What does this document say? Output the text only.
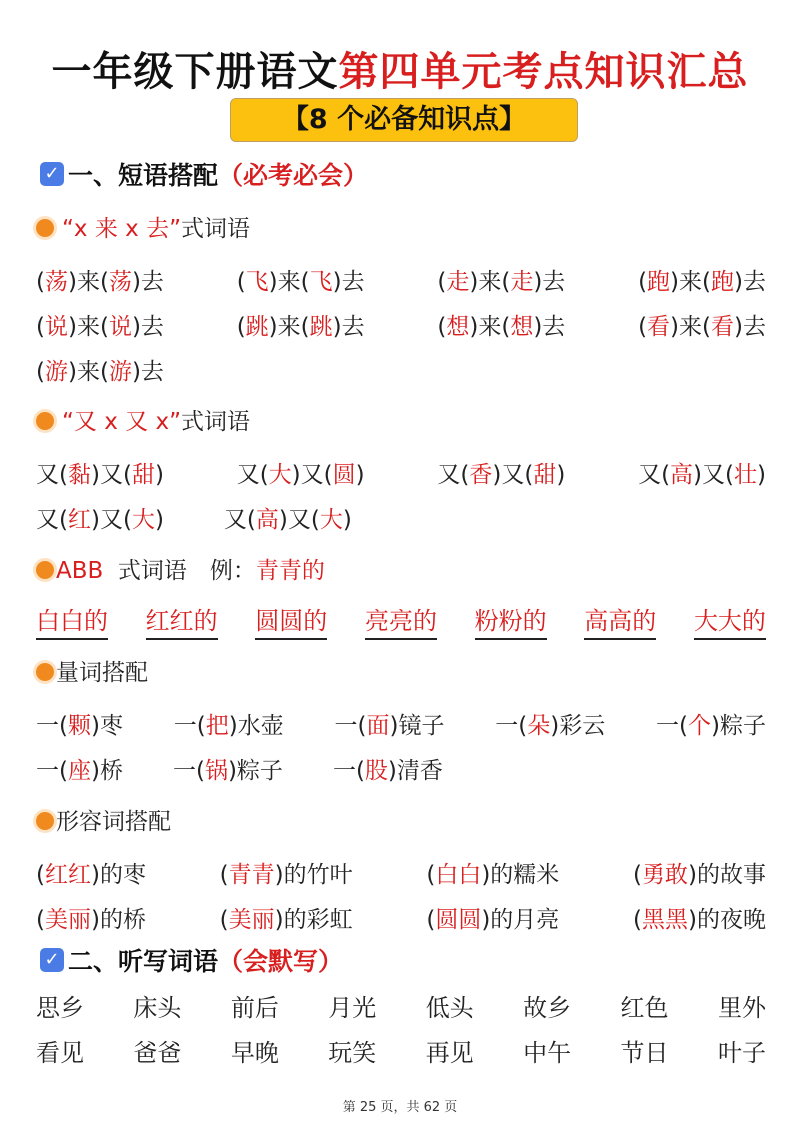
一年级下册语文第四单元考点知识汇总
【8 个必备知识点】
✓ 一、短语搭配（必考必会）
“x 来 x 去”式词语
(荡)来(荡)去	(飞)来(飞)去	(走)来(走)去	(跑)来(跑)去
(说)来(说)去	(跳)来(跳)去	(想)来(想)去	(看)来(看)去
(游)来(游)去
“又 x 又 x”式词语
又(黏)又(甜)	又(大)又(圆)	又(香)又(甜)	又(高)又(壮)
又(红)又(大)	又(高)又(大)
ABB 式词语　例：青青的
白白的 红红的 圆圆的 亮亮的 粉粉的 高高的 大大的
量词搭配
一(颗)枣 一(把)水壶 一(面)镜子 一(朵)彩云 一(个)粽子
一(座)桥 一(锅)粽子 一(股)清香
形容词搭配
(红红)的枣	(青青)的竹叶	(白白)的糯米	(勇敢)的故事
(美丽)的桥	(美丽)的彩虹	(圆圆)的月亮	(黑黑)的夜晚
✓ 二、听写词语（会默写）
思乡 床头 前后 月光 低头 故乡 红色 里外
看见 爸爸 早晚 玩笑 再见 中午 节日 叶子
第 25 页，共 62 页
